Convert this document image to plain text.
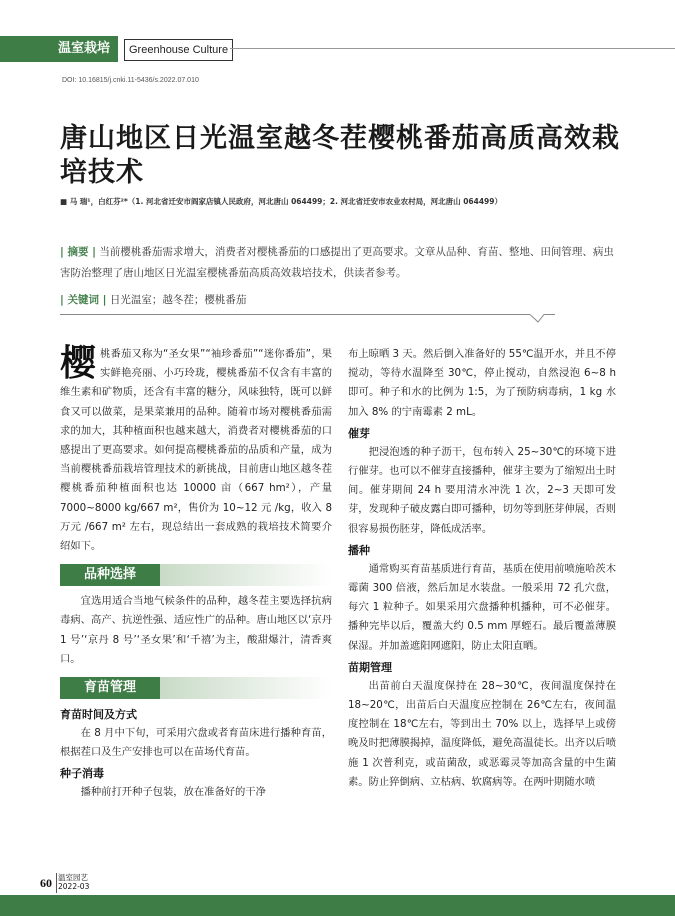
温室栽培	Greenhouse Culture
DOI: 10.16815/j.cnki.11-5436/s.2022.07.010
唐山地区日光温室越冬茬樱桃番茄高质高效栽培技术
■ 马 瑞¹，白红芬²*（1. 河北省迁安市阎家店镇人民政府，河北唐山 064499；2. 河北省迁安市农业农村局，河北唐山 064499）
| 摘要 | 当前樱桃番茄需求增大，消费者对樱桃番茄的口感提出了更高要求。文章从品种、育苗、整地、田间管理、病虫害防治整理了唐山地区日光温室樱桃番茄高质高效栽培技术，供读者参考。
| 关键词 | 日光温室；越冬茬；樱桃番茄

樱桃番茄又称为“圣女果”“袖珍番茄”“迷你番茄”，果实鲜艳亮丽、小巧玲珑，樱桃番茄不仅含有丰富的维生素和矿物质，还含有丰富的糖分，风味独特，既可以鲜食又可以做菜，是果菜兼用的品种。随着市场对樱桃番茄需求的加大，其种植面积也越来越大，消费者对樱桃番茄的口感提出了更高要求。如何提高樱桃番茄的品质和产量，成为当前樱桃番茄栽培管理技术的新挑战，目前唐山地区越冬茬樱桃番茄种植面积也达 10000 亩（667 hm²），产量 7000~8000 kg/667 m²，售价为 10~12 元 /kg，收入 8 万元 /667 m² 左右，现总结出一套成熟的栽培技术简要介绍如下。

品种选择

宜选用适合当地气候条件的品种，越冬茬主要选择抗病毒病、高产、抗逆性强、适应性广的品种。唐山地区以‘京丹 1 号’‘京丹 8 号’‘圣女果’和‘千禧’为主，酸甜爆汁，清香爽口。

育苗管理
育苗时间及方式

在 8 月中下旬，可采用穴盘或者育苗床进行播种育苗，根据茬口及生产安排也可以在苗场代育苗。

种子消毒

播种前打开种子包装，放在准备好的干净

布上晾晒 3 天。然后倒入准备好的 55℃温开水，并且不停搅动，等待水温降至 30℃，停止搅动，自然浸泡 6~8 h 即可。种子和水的比例为 1:5，为了预防病毒病，1 kg 水加入 8% 的宁南霉素 2 mL。

催芽

把浸泡透的种子沥干，包布转入 25~30℃的环境下进行催芽。也可以不催芽直接播种，催芽主要为了缩短出土时间。催芽期间 24 h 要用清水冲洗 1 次，2~3 天即可发芽，发现种子破皮露白即可播种，切勿等到胚芽伸展，否则很容易损伤胚芽，降低成活率。

播种

通常购买育苗基质进行育苗，基质在使用前喷施哈茨木霉菌 300 倍液，然后加足水装盘。一般采用 72 孔穴盘，每穴 1 粒种子。如果采用穴盘播种机播种，可不必催芽。播种完毕以后，覆盖大约 0.5 mm 厚蛭石。最后覆盖薄膜保湿。并加盖遮阳网遮阳，防止太阳直晒。

苗期管理

出苗前白天温度保持在 28~30℃，夜间温度保持在 18~20℃，出苗后白天温度应控制在 26℃左右，夜间温度控制在 18℃左右，等到出土 70% 以上，选择早上或傍晚及时把薄膜揭掉，温度降低，避免高温徒长。出齐以后喷施 1 次普利克，或苗菌敌，或恶霉灵等加高含量的中生菌素。防止猝倒病、立枯病、软腐病等。在两叶期随水喷

60 温室园艺
2022-03
